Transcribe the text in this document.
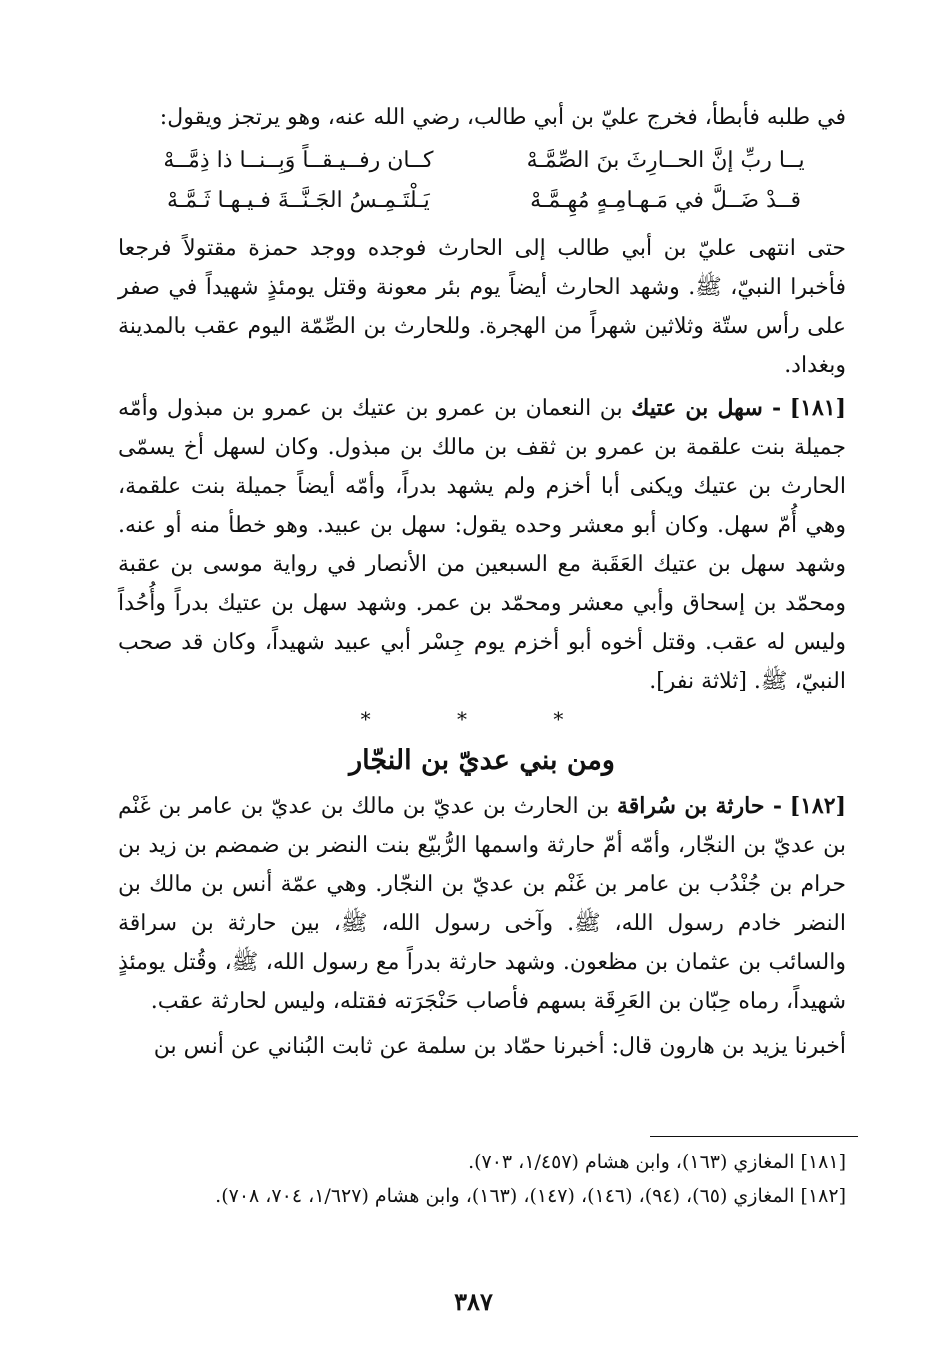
في طلبه فأبطأ، فخرج عليّ بن أبي طالب، رضي الله عنه، وهو يرتجز ويقول:

يــا ربِّ إنَّ الحــارِثَ بنَ الصِّمَّـهْ
كــان رفــيـقــاً وَبِــنــا ذا ذِمَّــهْ
قــدْ ضَــلَّ في مَـهـامِـهٍ مُهِـمَّـهْ
يَـلْتَـمِـسُ الجَـنَّــةَ فـيـهـا ثَـمَّـهْ

حتى انتهى عليّ بن أبي طالب إلى الحارث فوجده ووجد حمزة مقتولاً فرجعا فأخبرا النبيّ، ﷺ. وشهد الحارث أيضاً يوم بئر معونة وقتل يومئذٍ شهيداً في صفر على رأس ستّة وثلاثين شهراً من الهجرة. وللحارث بن الصِّمّة اليوم عقب بالمدينة وبغداد.

[١٨١] - سهل بن عتيك بن النعمان بن عمرو بن عتيك بن عمرو بن مبذول وأمّه جميلة بنت علقمة بن عمرو بن ثقف بن مالك بن مبذول. وكان لسهل أخ يسمّى الحارث بن عتيك ويكنى أبا أخزم ولم يشهد بدراً، وأمّه أيضاً جميلة بنت علقمة، وهي أُمّ سهل. وكان أبو معشر وحده يقول: سهل بن عبيد. وهو خطأ منه أو عنه. وشهد سهل بن عتيك العَقَبة مع السبعين من الأنصار في رواية موسى بن عقبة ومحمّد بن إسحاق وأبي معشر ومحمّد بن عمر. وشهد سهل بن عتيك بدراً وأُحُداً وليس له عقب. وقتل أخوه أبو أخزم يوم جِسْر أبي عبيد شهيداً، وكان قد صحب النبيّ، ﷺ. [ثلاثة نفر].

* * *
ومن بني عديّ بن النجّار

[١٨٢] - حارثة بن سُراقة بن الحارث بن عديّ بن مالك بن عديّ بن عامر بن غَنْم بن عديّ بن النجّار، وأمّه أمّ حارثة واسمها الرُّبيّع بنت النضر بن ضمضم بن زيد بن حرام بن جُنْدُب بن عامر بن غَنْم بن عديّ بن النجّار. وهي عمّة أنس بن مالك بن النضر خادم رسول الله، ﷺ. وآخى رسول الله، ﷺ، بين حارثة بن سراقة والسائب بن عثمان بن مظعون. وشهد حارثة بدراً مع رسول الله، ﷺ، وقُتل يومئذٍ شهيداً، رماه حِبّان بن العَرِقَة بسهم فأصاب حَنْجَرَته فقتله، وليس لحارثة عقب.

أخبرنا يزيد بن هارون قال: أخبرنا حمّاد بن سلمة عن ثابت البُناني عن أنس بن

[١٨١] المغازي (١٦٣)، وابن هشام (١/٤٥٧، ٧٠٣).

[١٨٢] المغازي (٦٥)، (٩٤)، (١٤٦)، (١٤٧)، (١٦٣)، وابن هشام (١/٦٢٧، ٧٠٤، ٧٠٨).

٣٨٧
